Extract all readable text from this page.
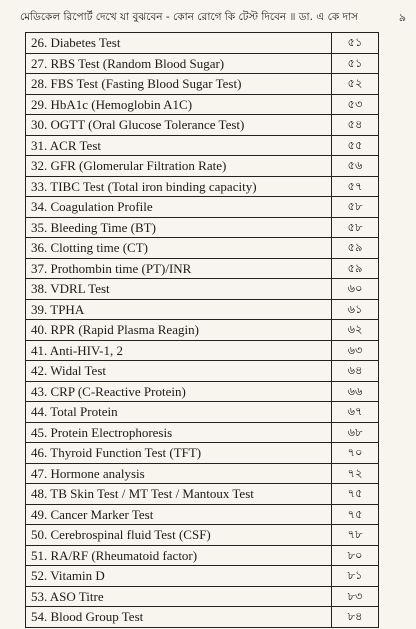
মেডিকেল রিপোর্ট দেখে যা বুঝবেন - কোন রোগে কি টেস্ট দিবেন ॥ ডা. এ কে দাস	৯
26. Diabetes Test	৫১
27. RBS Test (Random Blood Sugar)	৫১
28. FBS Test (Fasting Blood Sugar Test)	৫২
29. HbA1c (Hemoglobin A1C)	৫৩
30. OGTT (Oral Glucose Tolerance Test)	৫৪
31. ACR Test	৫৫
32. GFR (Glomerular Filtration Rate)	৫৬
33. TIBC Test (Total iron binding capacity)	৫৭
34. Coagulation Profile	৫৮
35. Bleeding Time (BT)	৫৮
36. Clotting time (CT)	৫৯
37. Prothombin time (PT)/INR	৫৯
38. VDRL Test	৬০
39. TPHA	৬১
40. RPR (Rapid Plasma Reagin)	৬২
41. Anti-HIV-1, 2	৬৩
42. Widal Test	৬৪
43. CRP (C-Reactive Protein)	৬৬
44. Total Protein	৬৭
45. Protein Electrophoresis	৬৮
46. Thyroid Function Test (TFT)	৭০
47. Hormone analysis	৭২
48. TB Skin Test / MT Test / Mantoux Test	৭৫
49. Cancer Marker Test	৭৫
50. Cerebrospinal fluid Test (CSF)	৭৮
51. RA/RF (Rheumatoid factor)	৮০
52. Vitamin D	৮১
53. ASO Titre	৮৩
54. Blood Group Test	৮৪
